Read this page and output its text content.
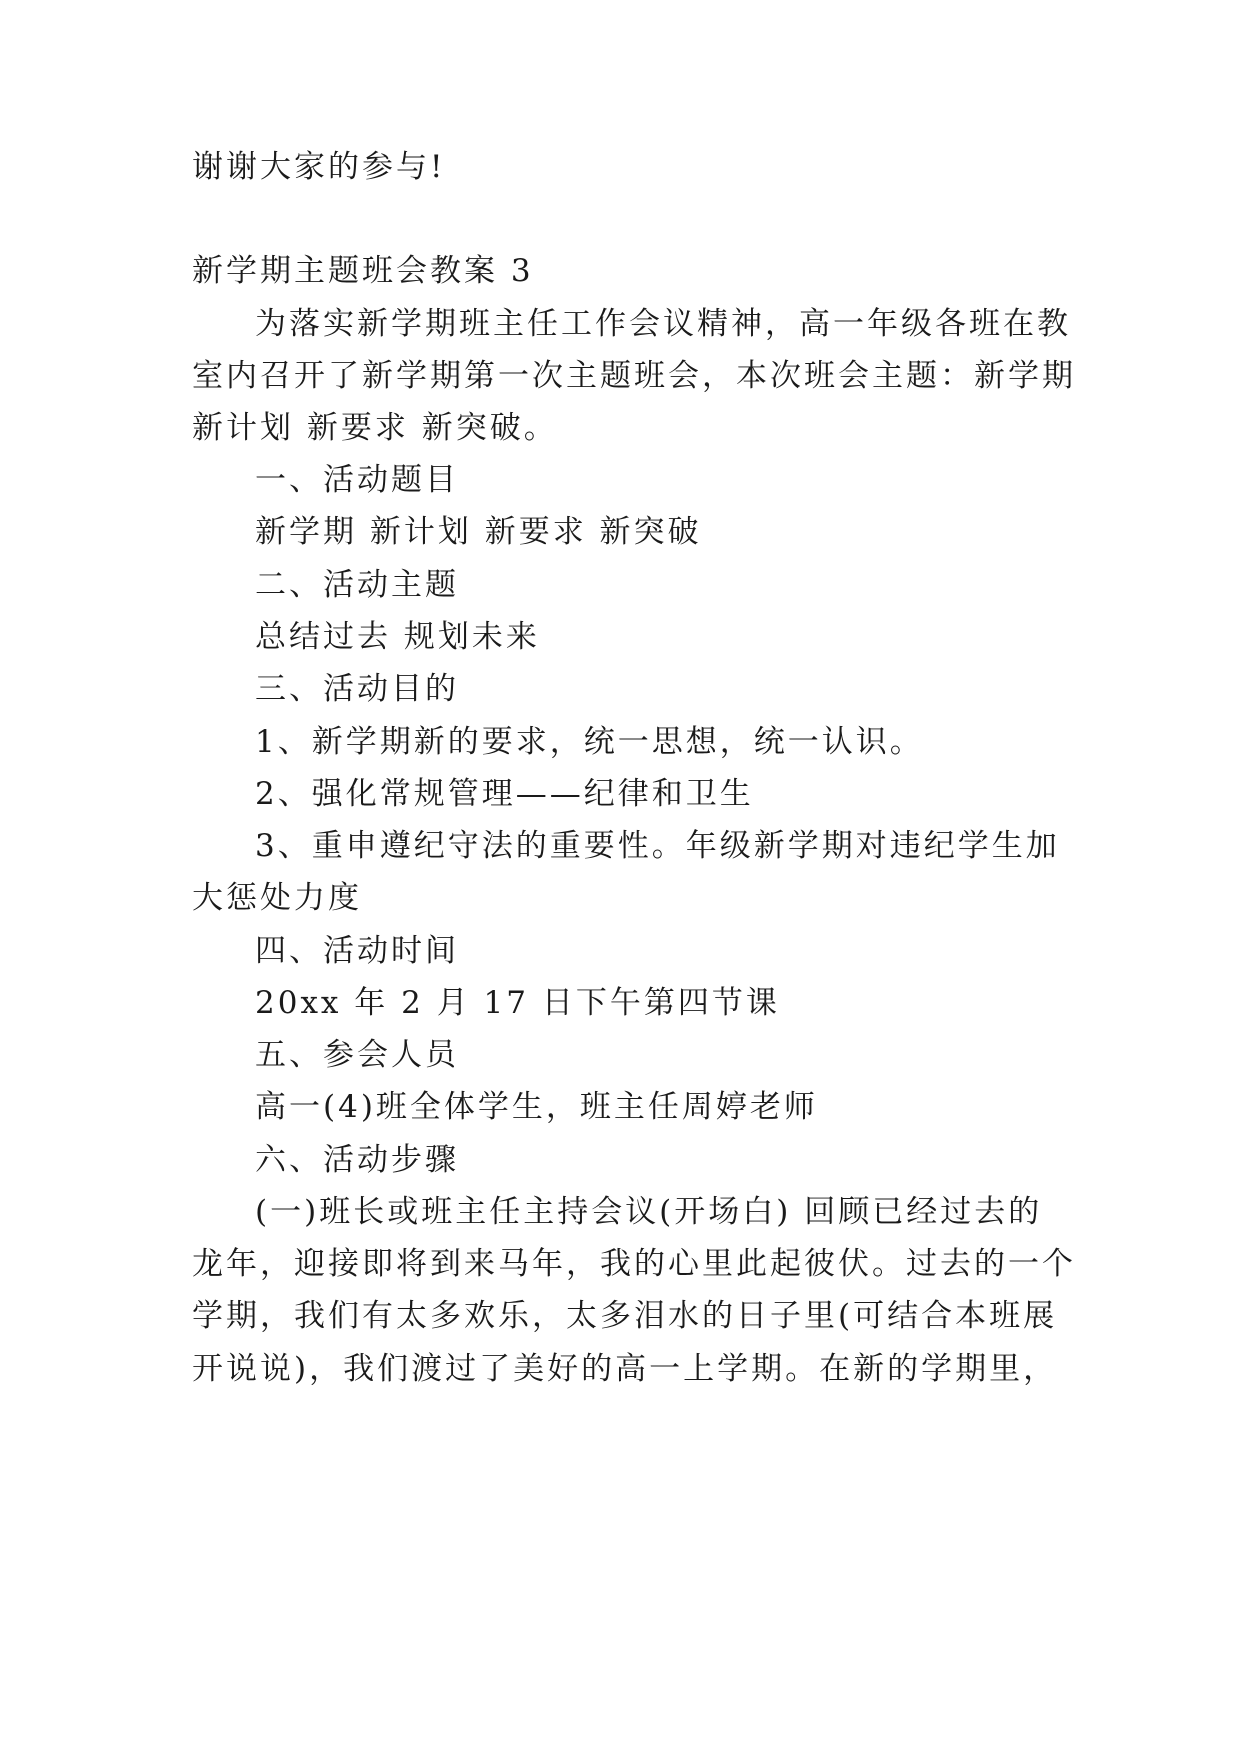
谢谢大家的参与!
新学期主题班会教案 3
为落实新学期班主任工作会议精神，高一年级各班在教
室内召开了新学期第一次主题班会，本次班会主题：新学期
新计划 新要求 新突破。
一、活动题目
新学期 新计划 新要求 新突破
二、活动主题
总结过去 规划未来
三、活动目的
1、新学期新的要求，统一思想，统一认识。
2、强化常规管理——纪律和卫生
3、重申遵纪守法的重要性。年级新学期对违纪学生加
大惩处力度
四、活动时间
20xx 年 2 月 17 日下午第四节课
五、参会人员
高一(4)班全体学生，班主任周婷老师
六、活动步骤
(一)班长或班主任主持会议(开场白) 回顾已经过去的
龙年，迎接即将到来马年，我的心里此起彼伏。过去的一个
学期，我们有太多欢乐，太多泪水的日子里(可结合本班展
开说说)，我们渡过了美好的高一上学期。在新的学期里，
